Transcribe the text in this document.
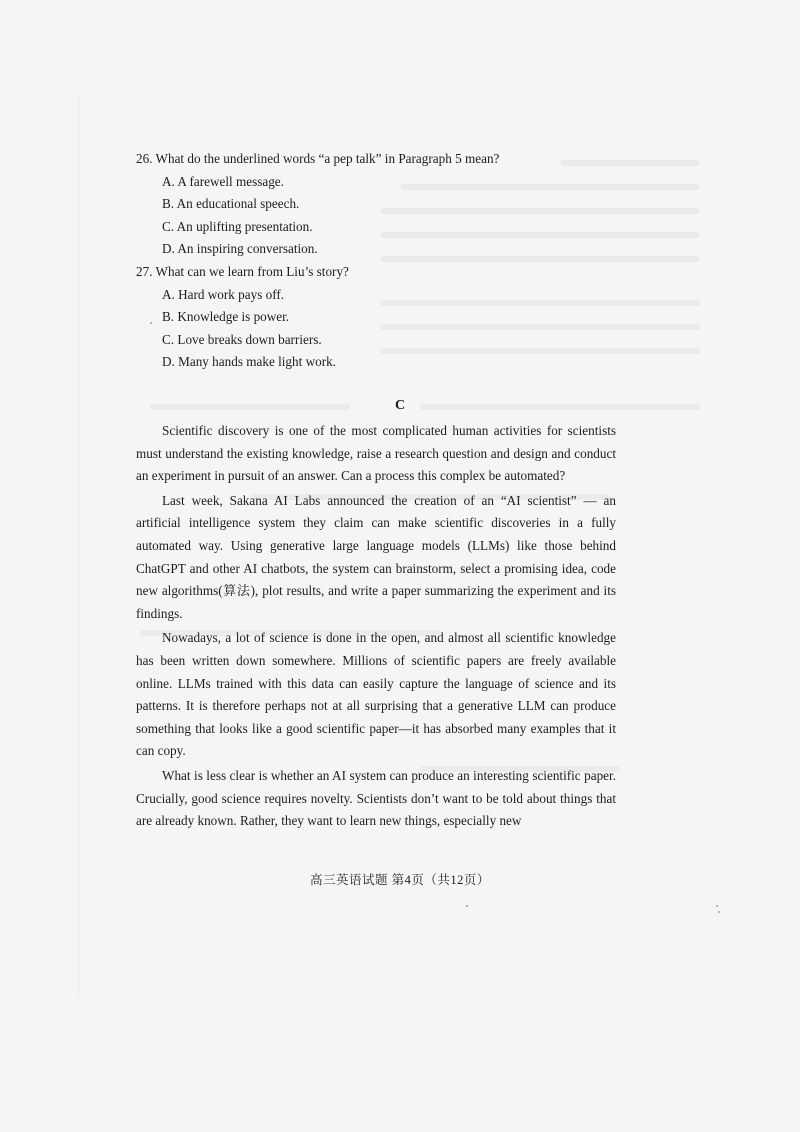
26. What do the underlined words “a pep talk” in Paragraph 5 mean?

A. A farewell message.

B. An educational speech.

C. An uplifting presentation.

D. An inspiring conversation.

27. What can we learn from Liu’s story?

A. Hard work pays off.

B. Knowledge is power.

C. Love breaks down barriers.

D. Many hands make light work.

C

Scientific discovery is one of the most complicated human activities for scientists must understand the existing knowledge, raise a research question and design and conduct an experiment in pursuit of an answer. Can a process this complex be automated?

Last week, Sakana AI Labs announced the creation of an “AI scientist” — an artificial intelligence system they claim can make scientific discoveries in a fully automated way. Using generative large language models (LLMs) like those behind ChatGPT and other AI chatbots, the system can brainstorm, select a promising idea, code new algorithms(算法), plot results, and write a paper summarizing the experiment and its findings.

Nowadays, a lot of science is done in the open, and almost all scientific knowledge has been written down somewhere. Millions of scientific papers are freely available online. LLMs trained with this data can easily capture the language of science and its patterns. It is therefore perhaps not at all surprising that a generative LLM can produce something that looks like a good scientific paper—it has absorbed many examples that it can copy.

What is less clear is whether an AI system can produce an interesting scientific paper. Crucially, good science requires novelty. Scientists don’t want to be told about things that are already known. Rather, they want to learn new things, especially new

高三英语试题 第4页（共12页）
